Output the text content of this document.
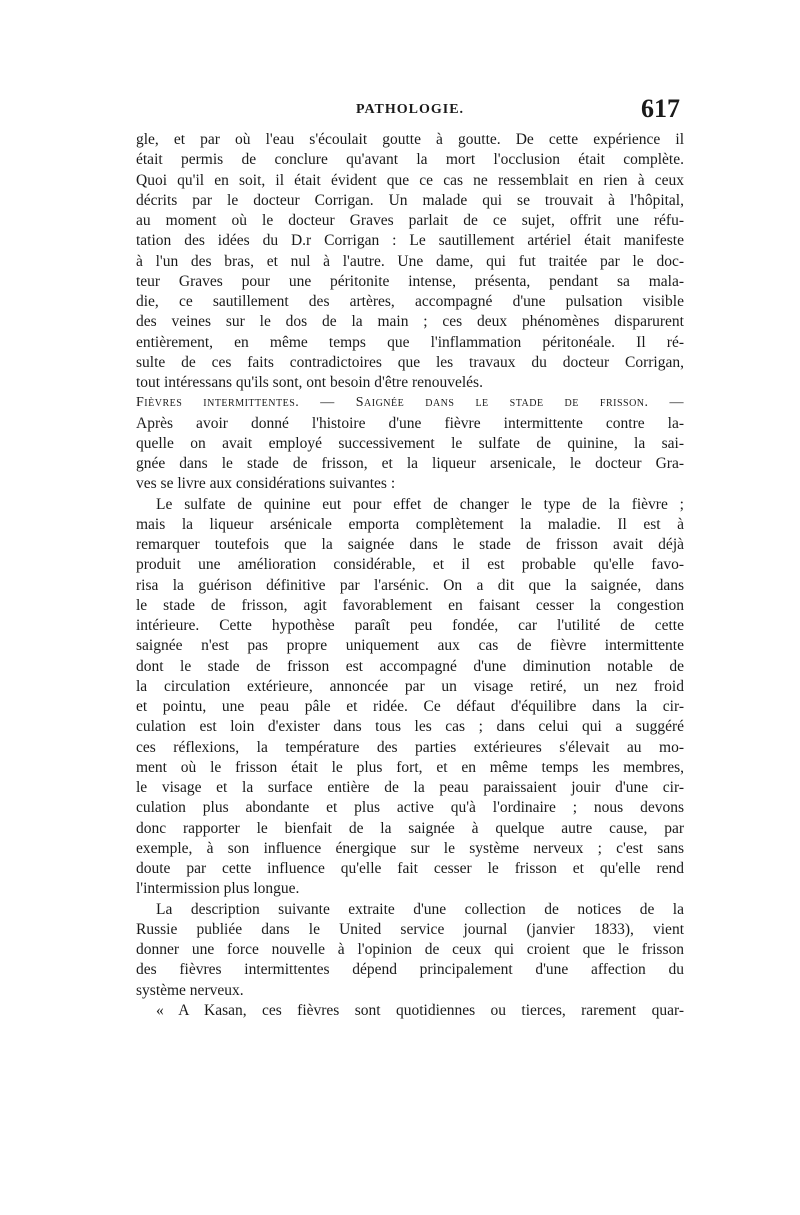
PATHOLOGIE.	617
gle, et par où l'eau s'écoulait goutte à goutte. De cette expérience il
était permis de conclure qu'avant la mort l'occlusion était complète.
Quoi qu'il en soit, il était évident que ce cas ne ressemblait en rien à ceux
décrits par le docteur Corrigan. Un malade qui se trouvait à l'hôpital,
au moment où le docteur Graves parlait de ce sujet, offrit une réfu-
tation des idées du D.r Corrigan : Le sautillement artériel était manifeste
à l'un des bras, et nul à l'autre. Une dame, qui fut traitée par le doc-
teur Graves pour une péritonite intense, présenta, pendant sa mala-
die, ce sautillement des artères, accompagné d'une pulsation visible
des veines sur le dos de la main ; ces deux phénomènes disparurent
entièrement, en même temps que l'inflammation péritonéale. Il ré-
sulte de ces faits contradictoires que les travaux du docteur Corrigan,
tout intéressans qu'ils sont, ont besoin d'être renouvelés.
Fièvres intermittentes. — Saignée dans le stade de frisson. —
Après avoir donné l'histoire d'une fièvre intermittente contre la-
quelle on avait employé successivement le sulfate de quinine, la sai-
gnée dans le stade de frisson, et la liqueur arsenicale, le docteur Gra-
ves se livre aux considérations suivantes :
Le sulfate de quinine eut pour effet de changer le type de la fièvre ;
mais la liqueur arsénicale emporta complètement la maladie. Il est à
remarquer toutefois que la saignée dans le stade de frisson avait déjà
produit une amélioration considérable, et il est probable qu'elle favo-
risa la guérison définitive par l'arsénic. On a dit que la saignée, dans
le stade de frisson, agit favorablement en faisant cesser la congestion
intérieure. Cette hypothèse paraît peu fondée, car l'utilité de cette
saignée n'est pas propre uniquement aux cas de fièvre intermittente
dont le stade de frisson est accompagné d'une diminution notable de
la circulation extérieure, annoncée par un visage retiré, un nez froid
et pointu, une peau pâle et ridée. Ce défaut d'équilibre dans la cir-
culation est loin d'exister dans tous les cas ; dans celui qui a suggéré
ces réflexions, la température des parties extérieures s'élevait au mo-
ment où le frisson était le plus fort, et en même temps les membres,
le visage et la surface entière de la peau paraissaient jouir d'une cir-
culation plus abondante et plus active qu'à l'ordinaire ; nous devons
donc rapporter le bienfait de la saignée à quelque autre cause, par
exemple, à son influence énergique sur le système nerveux ; c'est sans
doute par cette influence qu'elle fait cesser le frisson et qu'elle rend
l'intermission plus longue.
La description suivante extraite d'une collection de notices de la
Russie publiée dans le United service journal (janvier 1833), vient
donner une force nouvelle à l'opinion de ceux qui croient que le frisson
des fièvres intermittentes dépend principalement d'une affection du
système nerveux.
« A Kasan, ces fièvres sont quotidiennes ou tierces, rarement quar-
